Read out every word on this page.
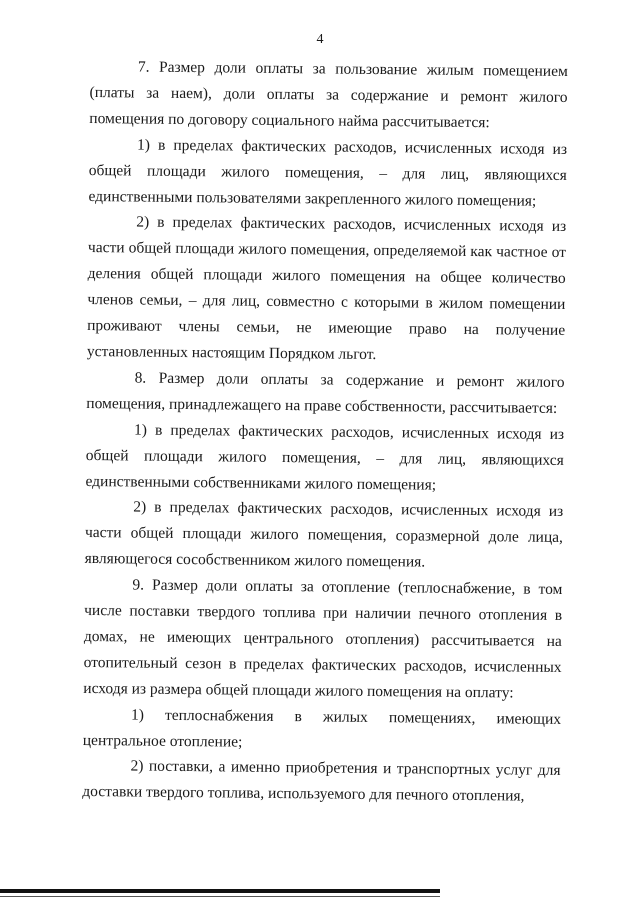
4

7. Размер доли оплаты за пользование жилым помещением (платы за наем), доли оплаты за содержание и ремонт жилого помещения по договору социального найма рассчитывается:

1) в пределах фактических расходов, исчисленных исходя из общей площади жилого помещения, – для лиц, являющихся единственными пользователями закрепленного жилого помещения;

2) в пределах фактических расходов, исчисленных исходя из части общей площади жилого помещения, определяемой как частное от деления общей площади жилого помещения на общее количество членов семьи, – для лиц, совместно с которыми в жилом помещении проживают члены семьи, не имеющие право на получение установленных настоящим Порядком льгот.

8. Размер доли оплаты за содержание и ремонт жилого помещения, принадлежащего на праве собственности, рассчитывается:

1) в пределах фактических расходов, исчисленных исходя из общей площади жилого помещения, – для лиц, являющихся единственными собственниками жилого помещения;

2) в пределах фактических расходов, исчисленных исходя из части общей площади жилого помещения, соразмерной доле лица, являющегося сособственником жилого помещения.

9. Размер доли оплаты за отопление (теплоснабжение, в том числе поставки твердого топлива при наличии печного отопления в домах, не имеющих центрального отопления) рассчитывается на отопительный сезон в пределах фактических расходов, исчисленных исходя из размера общей площади жилого помещения на оплату:

1) теплоснабжения в жилых помещениях, имеющих центральное отопление;

2) поставки, а именно приобретения и транспортных услуг для доставки твердого топлива, используемого для печного отопления,
